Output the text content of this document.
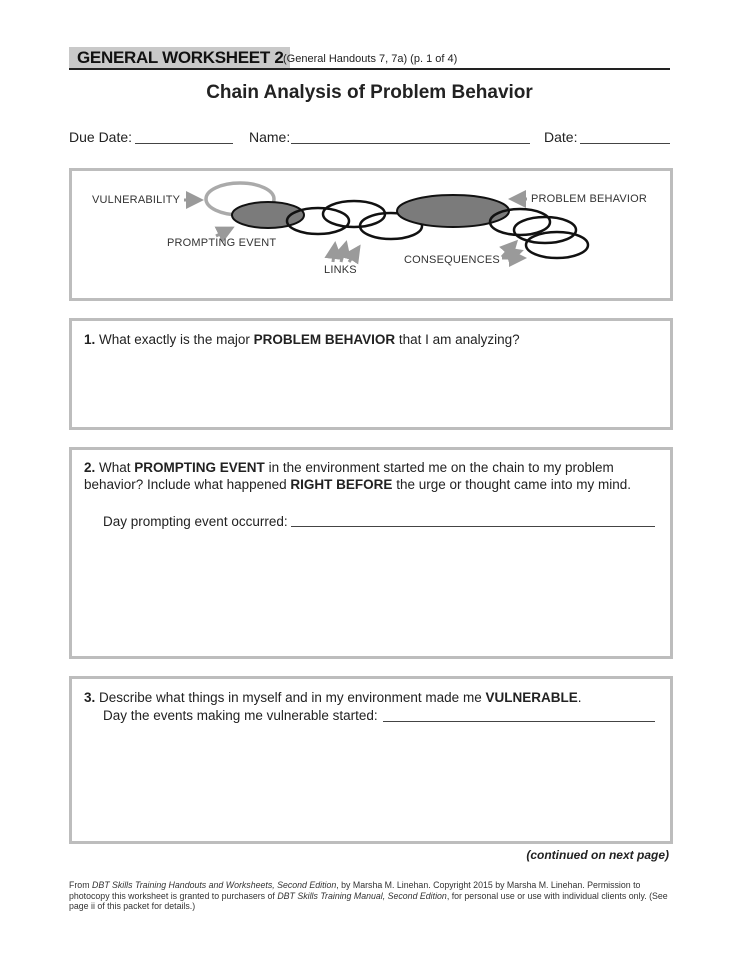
GENERAL WORKSHEET 2 (General Handouts 7, 7a) (p. 1 of 4)
Chain Analysis of Problem Behavior
Due Date:	Name:	Date:
VULNERABILITY
PROMPTING EVENT
LINKS
CONSEQUENCES
PROBLEM BEHAVIOR
1. What exactly is the major PROBLEM BEHAVIOR that I am analyzing?
2. What PROMPTING EVENT in the environment started me on the chain to my problem behavior? Include what happened RIGHT BEFORE the urge or thought came into my mind.
Day prompting event occurred:
3. Describe what things in myself and in my environment made me VULNERABLE.
Day the events making me vulnerable started:
(continued on next page)
From DBT Skills Training Handouts and Worksheets, Second Edition, by Marsha M. Linehan. Copyright 2015 by Marsha M. Linehan. Permission to photocopy this worksheet is granted to purchasers of DBT Skills Training Manual, Second Edition, for personal use or use with individual clients only. (See page ii of this packet for details.)
